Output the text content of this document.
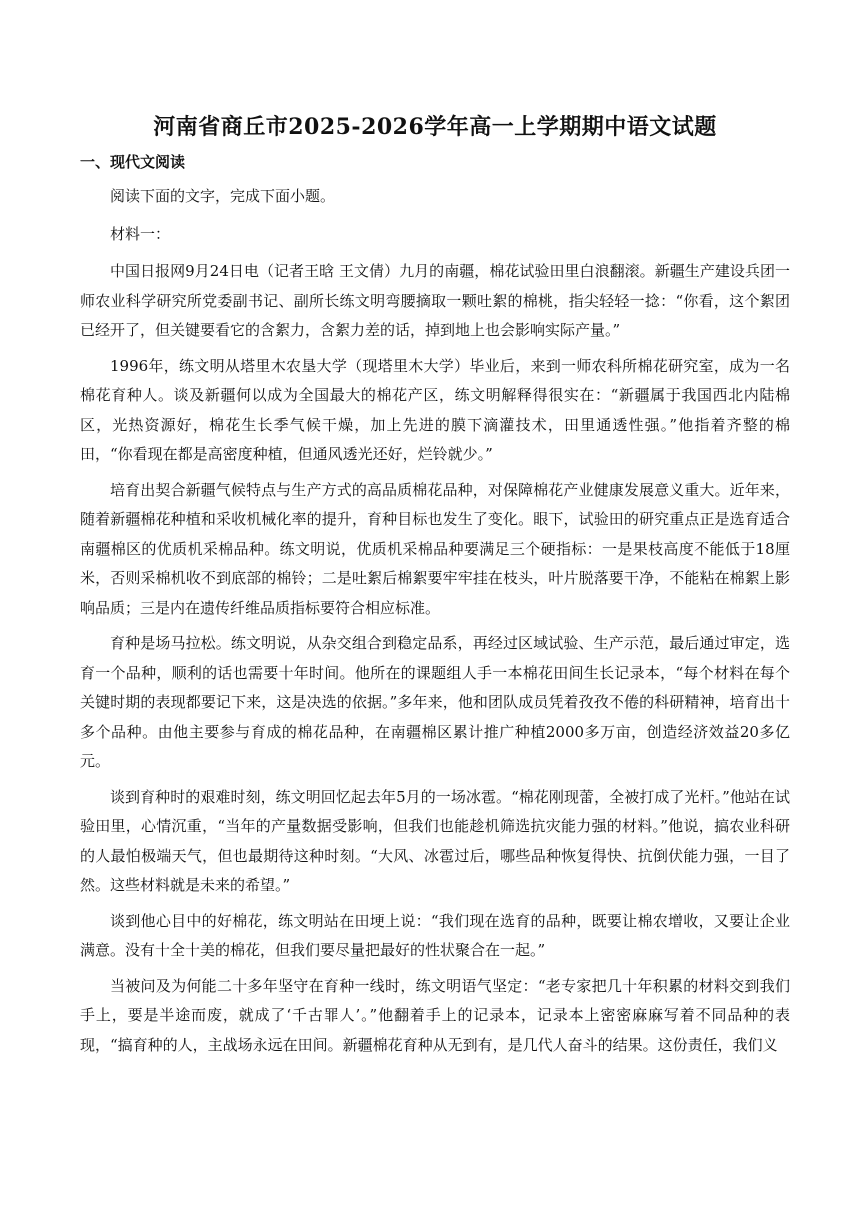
河南省商丘市2025-2026学年高一上学期期中语文试题
一、现代文阅读
阅读下面的文字，完成下面小题。
材料一：
中国日报网9月24日电（记者王晗 王文倩）九月的南疆，棉花试验田里白浪翻滚。新疆生产建设兵团一师农业科学研究所党委副书记、副所长练文明弯腰摘取一颗吐絮的棉桃，指尖轻轻一捻：“你看，这个絮团已经开了，但关键要看它的含絮力，含絮力差的话，掉到地上也会影响实际产量。”
1996年，练文明从塔里木农垦大学（现塔里木大学）毕业后，来到一师农科所棉花研究室，成为一名棉花育种人。谈及新疆何以成为全国最大的棉花产区，练文明解释得很实在：“新疆属于我国西北内陆棉区，光热资源好，棉花生长季气候干燥，加上先进的膜下滴灌技术，田里通透性强。”他指着齐整的棉田，“你看现在都是高密度种植，但通风透光还好，烂铃就少。”
培育出契合新疆气候特点与生产方式的高品质棉花品种，对保障棉花产业健康发展意义重大。近年来，随着新疆棉花种植和采收机械化率的提升，育种目标也发生了变化。眼下，试验田的研究重点正是选育适合南疆棉区的优质机采棉品种。练文明说，优质机采棉品种要满足三个硬指标：一是果枝高度不能低于18厘米，否则采棉机收不到底部的棉铃；二是吐絮后棉絮要牢牢挂在枝头，叶片脱落要干净，不能粘在棉絮上影响品质；三是内在遗传纤维品质指标要符合相应标准。
育种是场马拉松。练文明说，从杂交组合到稳定品系，再经过区域试验、生产示范，最后通过审定，选育一个品种，顺利的话也需要十年时间。他所在的课题组人手一本棉花田间生长记录本，“每个材料在每个关键时期的表现都要记下来，这是决选的依据。”多年来，他和团队成员凭着孜孜不倦的科研精神，培育出十多个品种。由他主要参与育成的棉花品种，在南疆棉区累计推广种植2000多万亩，创造经济效益20多亿元。
谈到育种时的艰难时刻，练文明回忆起去年5月的一场冰雹。“棉花刚现蕾，全被打成了光杆。”他站在试验田里，心情沉重，“当年的产量数据受影响，但我们也能趁机筛选抗灾能力强的材料。”他说，搞农业科研的人最怕极端天气，但也最期待这种时刻。“大风、冰雹过后，哪些品种恢复得快、抗倒伏能力强，一目了然。这些材料就是未来的希望。”
谈到他心目中的好棉花，练文明站在田埂上说：“我们现在选育的品种，既要让棉农增收，又要让企业满意。没有十全十美的棉花，但我们要尽量把最好的性状聚合在一起。”
当被问及为何能二十多年坚守在育种一线时，练文明语气坚定：“老专家把几十年积累的材料交到我们手上，要是半途而废，就成了‘千古罪人’。”他翻着手上的记录本，记录本上密密麻麻写着不同品种的表现，“搞育种的人，主战场永远在田间。新疆棉花育种从无到有，是几代人奋斗的结果。这份责任，我们义
